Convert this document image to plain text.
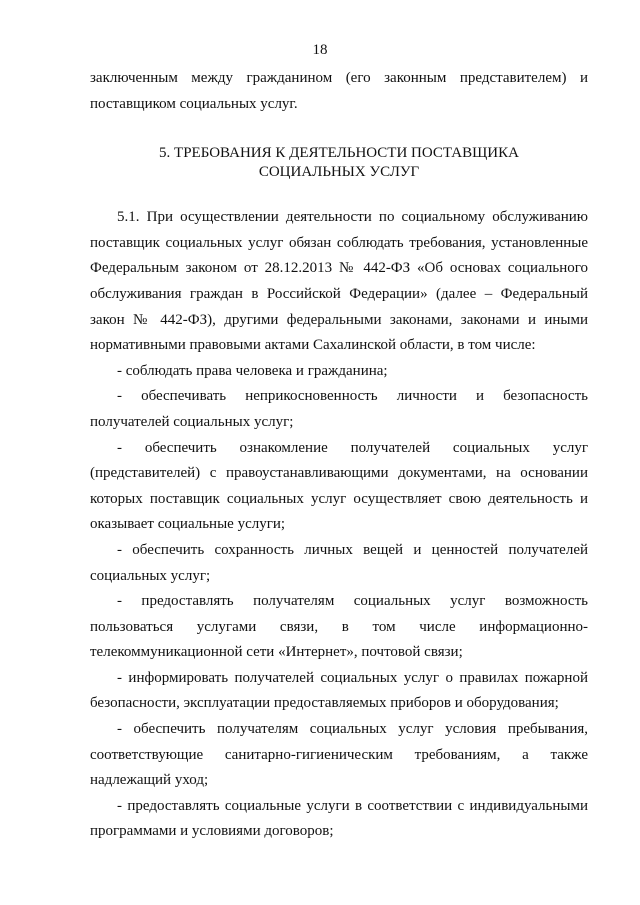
18

заключенным между гражданином (его законным представителем) и поставщиком социальных услуг.

5. ТРЕБОВАНИЯ К ДЕЯТЕЛЬНОСТИ ПОСТАВЩИКА
СОЦИАЛЬНЫХ УСЛУГ

5.1. При осуществлении деятельности по социальному обслуживанию поставщик социальных услуг обязан соблюдать требования, установленные Федеральным законом от 28.12.2013 № 442-ФЗ «Об основах социального обслуживания граждан в Российской Федерации» (далее – Федеральный закон № 442-ФЗ), другими федеральными законами, законами и иными нормативными правовыми актами Сахалинской области, в том числе:

- соблюдать права человека и гражданина;

- обеспечивать неприкосновенность личности и безопасность получателей социальных услуг;

- обеспечить ознакомление получателей социальных услуг (представителей) с правоустанавливающими документами, на основании которых поставщик социальных услуг осуществляет свою деятельность и оказывает социальные услуги;

- обеспечить сохранность личных вещей и ценностей получателей социальных услуг;

- предоставлять получателям социальных услуг возможность пользоваться услугами связи, в том числе информационно-телекоммуникационной сети «Интернет», почтовой связи;

- информировать получателей социальных услуг о правилах пожарной безопасности, эксплуатации предоставляемых приборов и оборудования;

- обеспечить получателям социальных услуг условия пребывания, соответствующие санитарно-гигиеническим требованиям, а также надлежащий уход;

- предоставлять социальные услуги в соответствии с индивидуальными программами и условиями договоров;
